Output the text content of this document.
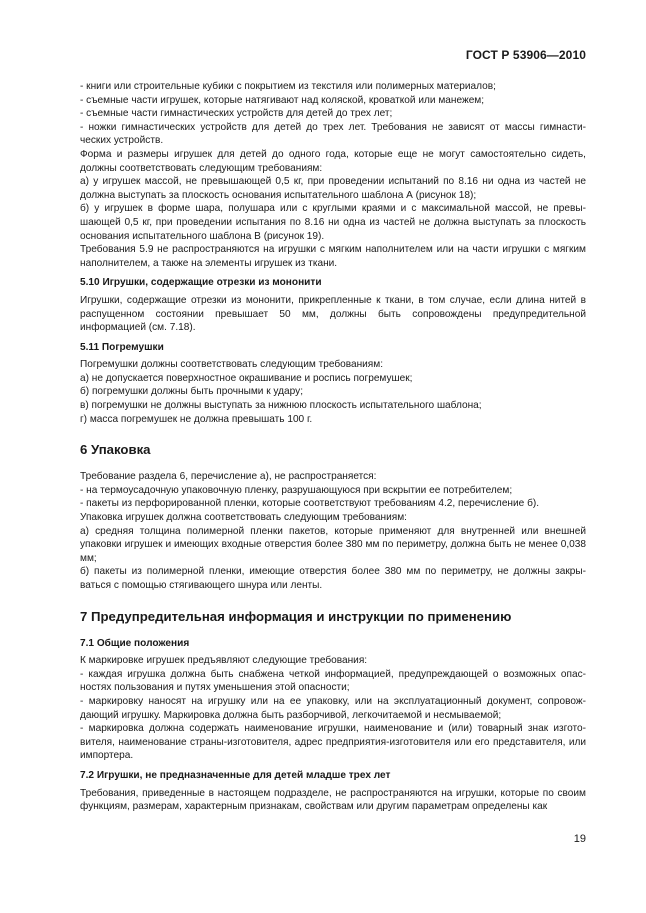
ГОСТ Р 53906—2010

- книги или строительные кубики с покрытием из текстиля или полимерных материалов;

- съемные части игрушек, которые натягивают над коляской, кроваткой или манежем;

- съемные части гимнастических устройств для детей до трех лет;

- ножки гимнастических устройств для детей до трех лет. Требования не зависят от массы гимнасти- ческих устройств.

Форма и размеры игрушек для детей до одного года, которые еще не могут самостоятельно сидеть, должны соответствовать следующим требованиям:

а) у игрушек массой, не превышающей 0,5 кг, при проведении испытаний по 8.16 ни одна из частей не должна выступать за плоскость основания испытательного шаблона А (рисунок 18);

б) у игрушек в форме шара, полушара или с круглыми краями и с максимальной массой, не превы- шающей 0,5 кг, при проведении испытания по 8.16 ни одна из частей не должна выступать за плоскость основания испытательного шаблона В (рисунок 19).

Требования 5.9 не распространяются на игрушки с мягким наполнителем или на части игрушки с мягким наполнителем, а также на элементы игрушек из ткани.

5.10 Игрушки, содержащие отрезки из мононити

Игрушки, содержащие отрезки из мононити, прикрепленные к ткани, в том случае, если длина нитей в распущенном состоянии превышает 50 мм, должны быть сопровождены предупредительной информацией (см. 7.18).

5.11 Погремушки

Погремушки должны соответствовать следующим требованиям:

а) не допускается поверхностное окрашивание и роспись погремушек;

б) погремушки должны быть прочными к удару;

в) погремушки не должны выступать за нижнюю плоскость испытательного шаблона;

г) масса погремушек не должна превышать 100 г.

6 Упаковка

Требование раздела 6, перечисление а), не распространяется:

- на термоусадочную упаковочную пленку, разрушающуюся при вскрытии ее потребителем;

- пакеты из перфорированной пленки, которые соответствуют требованиям 4.2, перечисление б).

Упаковка игрушек должна соответствовать следующим требованиям:

а) средняя толщина полимерной пленки пакетов, которые применяют для внутренней или внешней упаковки игрушек и имеющих входные отверстия более 380 мм по периметру, должна быть не менее 0,038 мм;

б) пакеты из полимерной пленки, имеющие отверстия более 380 мм по периметру, не должны закры- ваться с помощью стягивающего шнура или ленты.

7 Предупредительная информация и инструкции по применению

7.1 Общие положения

К маркировке игрушек предъявляют следующие требования:

- каждая игрушка должна быть снабжена четкой информацией, предупреждающей о возможных опас- ностях пользования и путях уменьшения этой опасности;

- маркировку наносят на игрушку или на ее упаковку, или на эксплуатационный документ, сопровож- дающий игрушку. Маркировка должна быть разборчивой, легкочитаемой и несмываемой;

- маркировка должна содержать наименование игрушки, наименование и (или) товарный знак изгото- вителя, наименование страны-изготовителя, адрес предприятия-изготовителя или его представителя, или импортера.

7.2 Игрушки, не предназначенные для детей младше трех лет

Требования, приведенные в настоящем подразделе, не распространяются на игрушки, которые по своим функциям, размерам, характерным признакам, свойствам или другим параметрам определены как

19
